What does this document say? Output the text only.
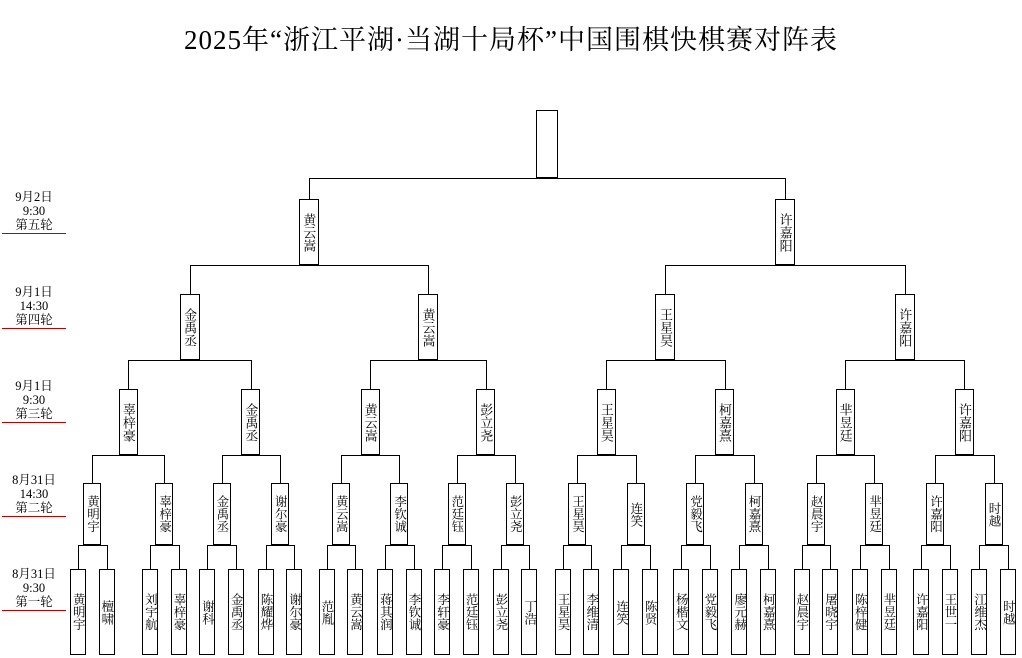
2025年“浙江平湖·当湖十局杯”中国围棋快棋赛对阵表
9月2日
9:30
第五轮
9月1日
14:30
第四轮
9月1日
9:30
第三轮
8月31日
14:30
第二轮
8月31日
9:30
第一轮	黄明宇 檀啸 刘宇航 辜梓豪 谢科 金禹丞 陈耀烨 谢尔豪 范胤 黄云嵩 蒋其润 李钦诚 李轩豪 范廷钰 彭立尧 丁浩 王星昊 李维清 连笑 陈贤 杨楷文 党毅飞 廖元赫 柯嘉熹 赵晨宇 屠晓宇 陈梓健 芈昱廷 许嘉阳 王世一 江维杰 时越
黄明宇	辜梓豪	金禹丞	谢尔豪	黄云嵩	李钦诚	范廷钰	彭立尧	王星昊	连笑	党毅飞	柯嘉熹	赵晨宇	芈昱廷	许嘉阳	时越
辜梓豪	金禹丞	黄云嵩	彭立尧	王星昊	柯嘉熹	芈昱廷	许嘉阳
金禹丞	黄云嵩	王星昊	许嘉阳
黄云嵩	许嘉阳
